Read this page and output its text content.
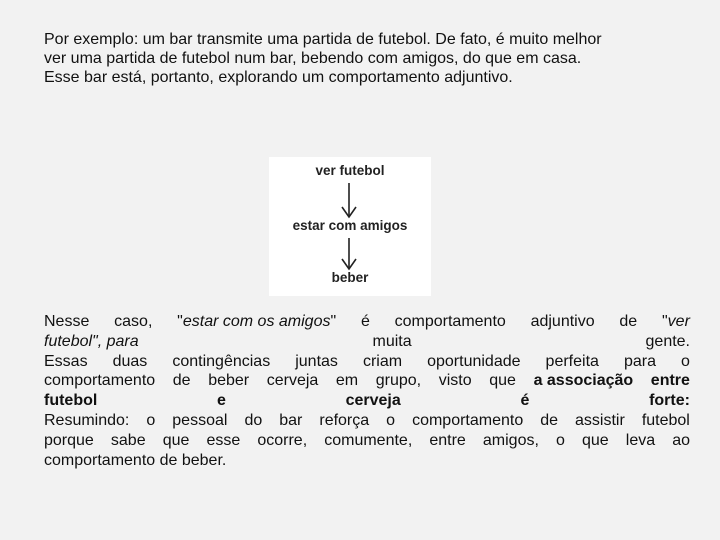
Por exemplo: um bar transmite uma partida de futebol. De fato, é muito melhor
ver uma partida de futebol num bar, bebendo com amigos, do que em casa.
Esse bar está, portanto, explorando um comportamento adjuntivo.
ver futebol
estar com amigos
beber
Nesse caso, "estar com os amigos" é comportamento adjuntivo de "ver
futebol", para	muita	gente.
Essas duas contingências juntas criam oportunidade perfeita para o
comportamento de beber cerveja em grupo, visto que a associação entre
futebol	e	cerveja	é	forte:
Resumindo: o pessoal do bar reforça o comportamento de assistir futebol
porque sabe que esse ocorre, comumente, entre amigos, o que leva ao
comportamento de beber.
